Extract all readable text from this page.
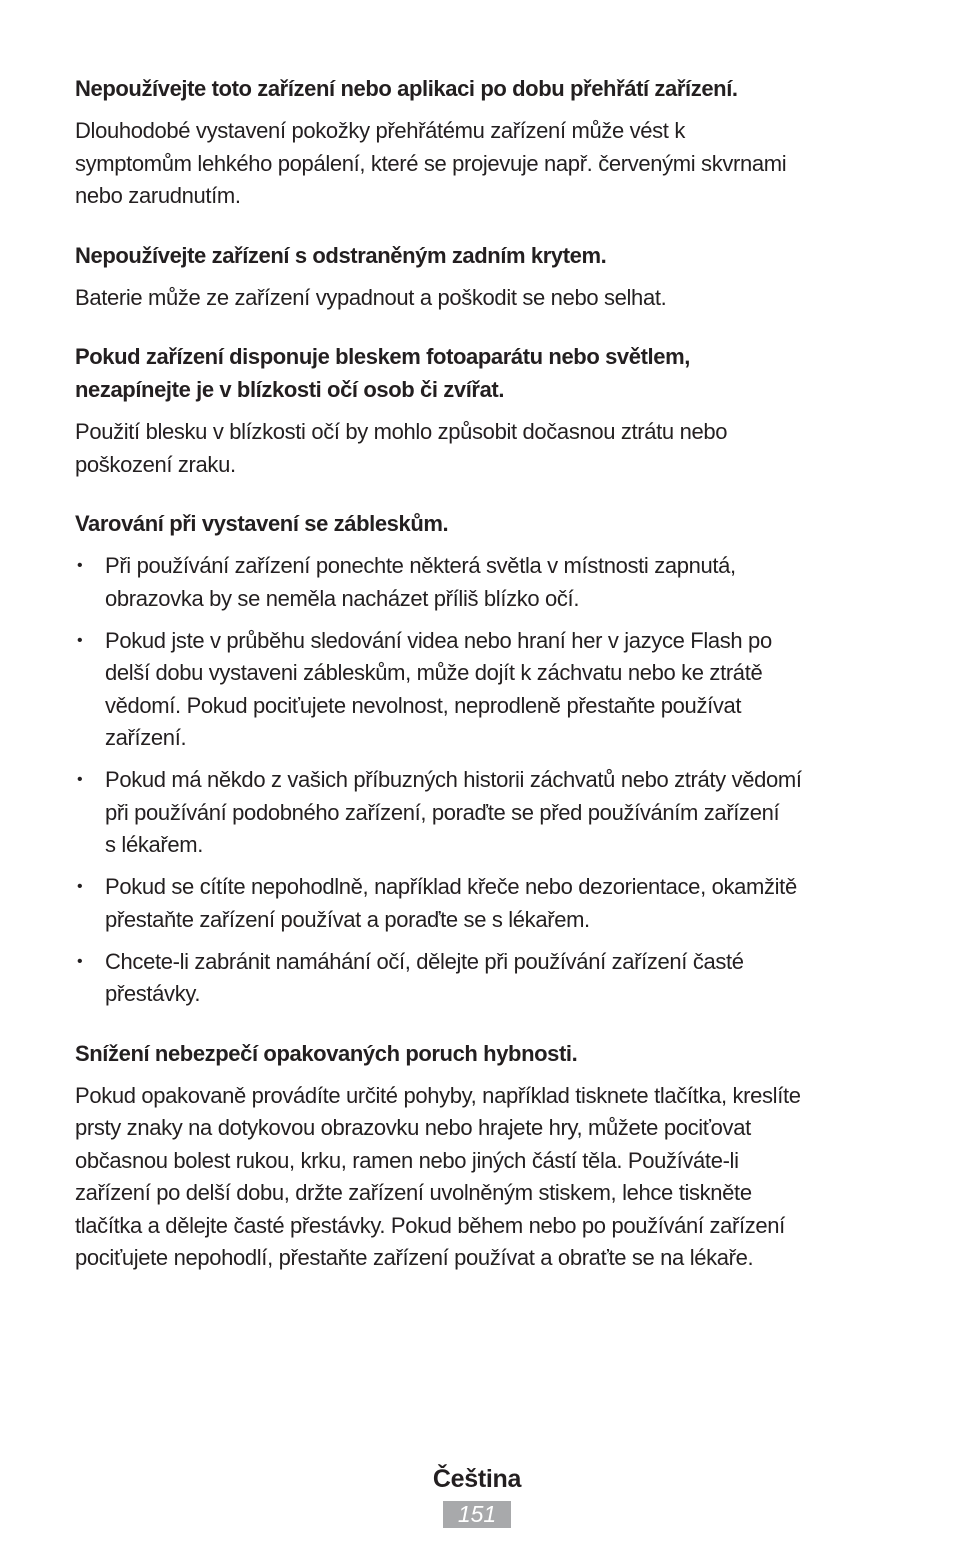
Nepoužívejte toto zařízení nebo aplikaci po dobu přehřátí zařízení.

Dlouhodobé vystavení pokožky přehřátému zařízení může vést k
symptomům lehkého popálení, které se projevuje např. červenými skvrnami
nebo zarudnutím.

Nepoužívejte zařízení s odstraněným zadním krytem.

Baterie může ze zařízení vypadnout a poškodit se nebo selhat.

Pokud zařízení disponuje bleskem fotoaparátu nebo světlem,
nezapínejte je v blízkosti očí osob či zvířat.

Použití blesku v blízkosti očí by mohlo způsobit dočasnou ztrátu nebo
poškození zraku.

Varování při vystavení se zábleskům.

• Při používání zařízení ponechte některá světla v místnosti zapnutá,
obrazovka by se neměla nacházet příliš blízko očí.
• Pokud jste v průběhu sledování videa nebo hraní her v jazyce Flash po
delší dobu vystaveni zábleskům, může dojít k záchvatu nebo ke ztrátě
vědomí. Pokud pociťujete nevolnost, neprodleně přestaňte používat
zařízení.
• Pokud má někdo z vašich příbuzných historii záchvatů nebo ztráty vědomí
při používání podobného zařízení, poraďte se před používáním zařízení
s lékařem.
• Pokud se cítíte nepohodlně, například křeče nebo dezorientace, okamžitě
přestaňte zařízení používat a poraďte se s lékařem.
• Chcete-li zabránit namáhání očí, dělejte při používání zařízení časté
přestávky.

Snížení nebezpečí opakovaných poruch hybnosti.

Pokud opakovaně provádíte určité pohyby, například tisknete tlačítka, kreslíte
prsty znaky na dotykovou obrazovku nebo hrajete hry, můžete pociťovat
občasnou bolest rukou, krku, ramen nebo jiných částí těla. Používáte-li
zařízení po delší dobu, držte zařízení uvolněným stiskem, lehce tiskněte
tlačítka a dělejte časté přestávky. Pokud během nebo po používání zařízení
pociťujete nepohodlí, přestaňte zařízení používat a obraťte se na lékaře.

Čeština
151
